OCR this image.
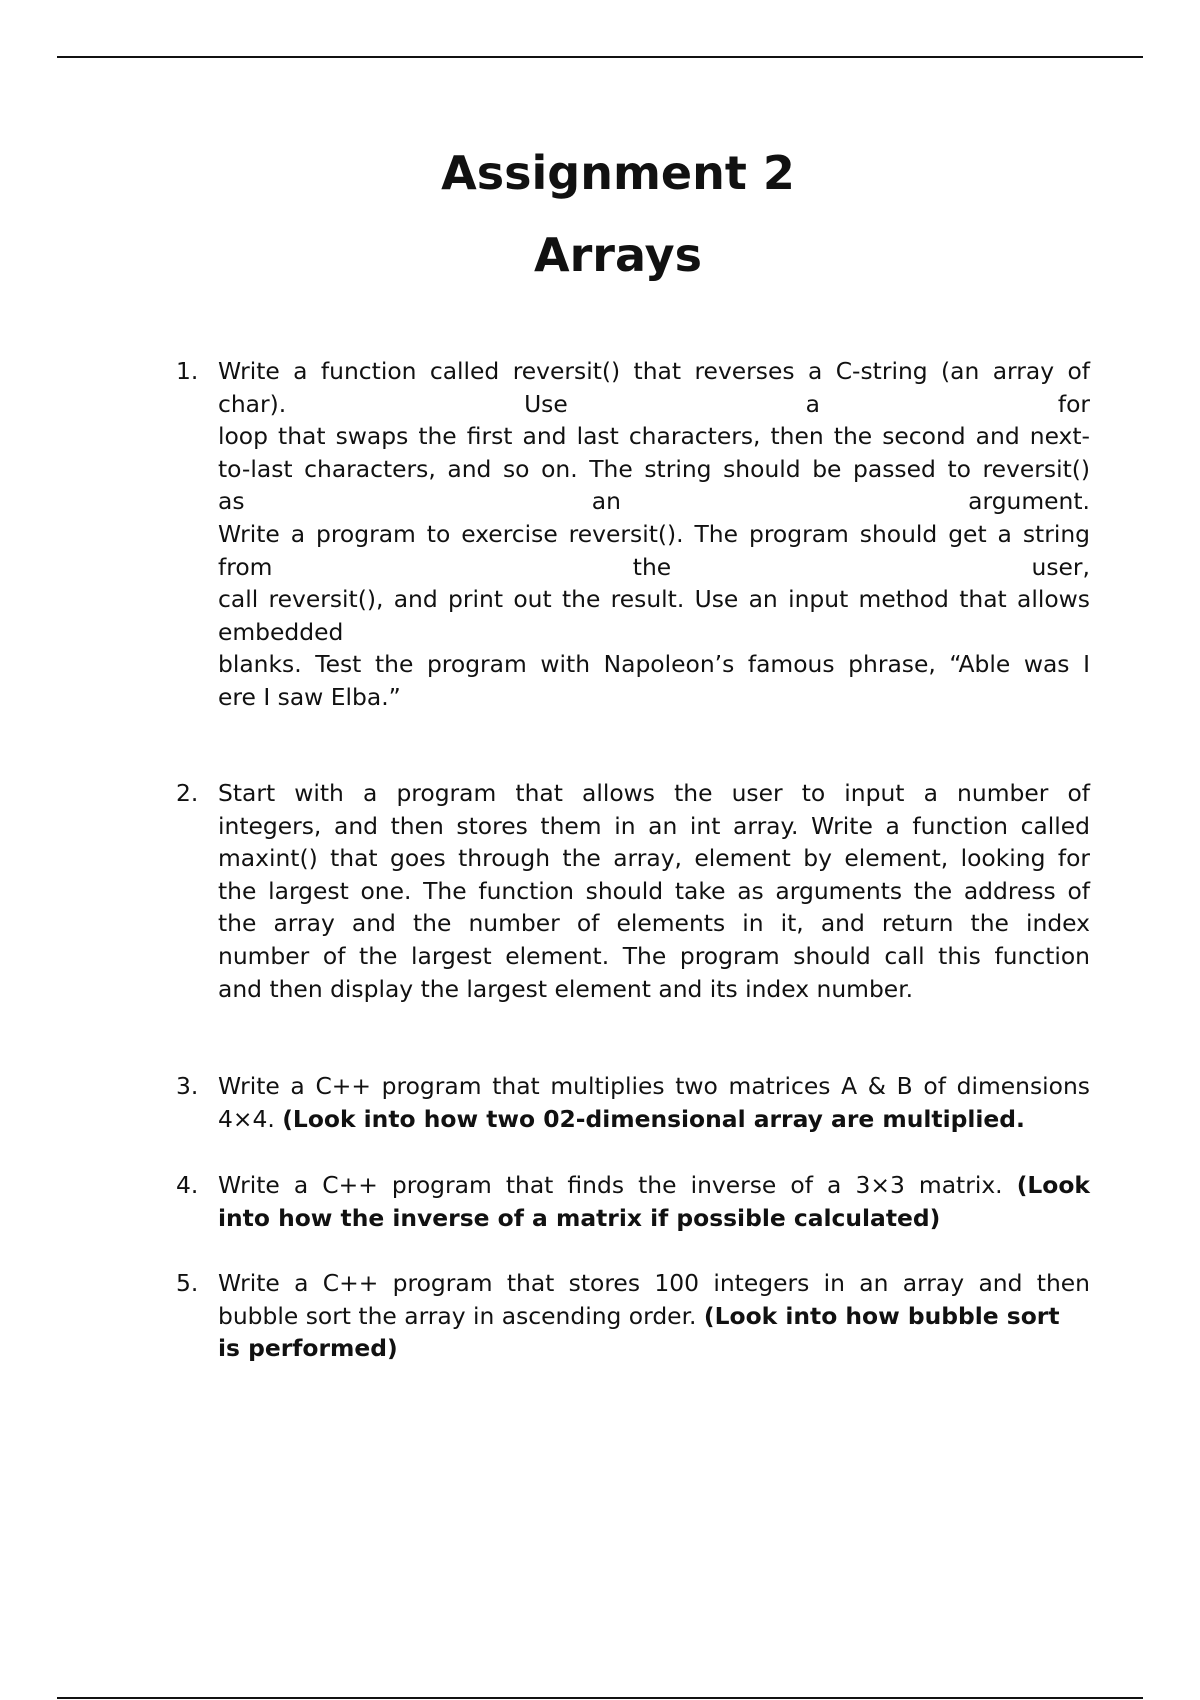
Assignment 2
Arrays
1. Write a function called reversit() that reverses a C-string (an array of
char). Use a for
loop that swaps the first and last characters, then the second and next-
to-last characters, and so on. The string should be passed to reversit()
as an argument.
Write a program to exercise reversit(). The program should get a string
from the user,
call reversit(), and print out the result. Use an input method that allows
embedded
blanks. Test the program with Napoleon’s famous phrase, “Able was I
ere I saw Elba.”
2. Start with a program that allows the user to input a number of
integers, and then stores them in an int array. Write a function called
maxint() that goes through the array, element by element, looking for
the largest one. The function should take as arguments the address of
the array and the number of elements in it, and return the index
number of the largest element. The program should call this function
and then display the largest element and its index number.
3. Write a C++ program that multiplies two matrices A & B of dimensions
4×4. (Look into how two 02-dimensional array are multiplied.
4. Write a C++ program that finds the inverse of a 3×3 matrix. (Look
into how the inverse of a matrix if possible calculated)
5. Write a C++ program that stores 100 integers in an array and then
bubble sort the array in ascending order. (Look into how bubble sort
is performed)
